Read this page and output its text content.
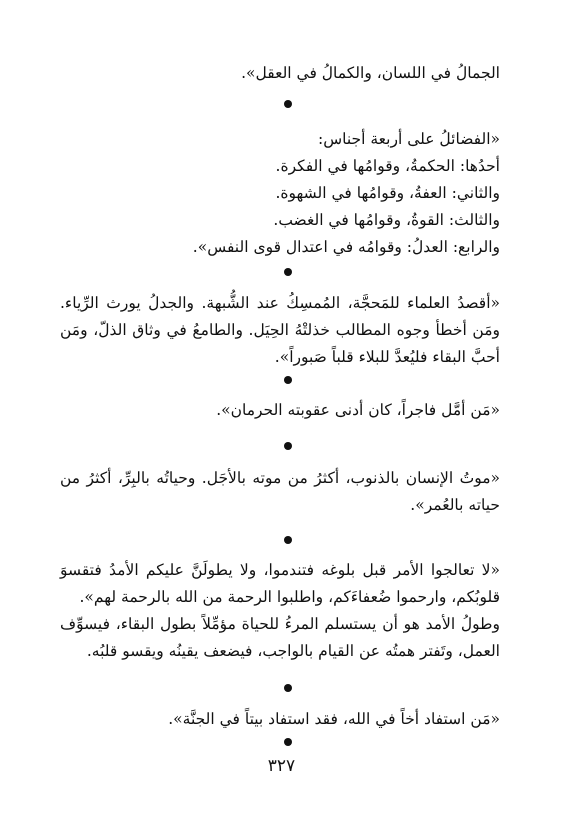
الجمالُ في اللسان، والكمالُ في العقل».

«الفضائلُ على أربعة أجناس:

أحدُها: الحكمةُ، وقوامُها في الفكرة.

والثاني: العفةُ، وقوامُها في الشهوة.

والثالث: القوةُ، وقوامُها في الغضب.

والرابع: العدلُ: وقوامُه في اعتدال قوى النفس».

«أقصدُ العلماء للمَحجَّة، المُمسِكُ عند الشُّبهة. والجدلُ يورث الرِّياء. ومَن أخطأ وجوه المطالب خذلتْهُ الحِيَل. والطامعُ في وثاق الذلّ، ومَن أحبَّ البقاء فليُعدَّ للبلاء قلباً صَبوراً».

«مَن أمَّل فاجراً، كان أدنى عقوبته الحرمان».

«موتُ الإنسان بالذنوب، أكثرُ من موته بالأجَل. وحياتُه بالبِرِّ، أكثرُ من حياته بالعُمر».

«لا تعالجوا الأمر قبل بلوغه فتندموا، ولا يطولَنَّ عليكم الأمدُ فتقسوَ قلوبُكم، وارحموا ضُعفاءَكم، واطلبوا الرحمة من الله بالرحمة لهم».

وطولُ الأمد هو أن يستسلم المرءُ للحياة مؤمِّلاً بطول البقاء، فيسوِّف العمل، وتَفتر همتُه عن القيام بالواجب، فيضعف يقينُه ويقسو قلبُه.

«مَن استفاد أخاً في الله، فقد استفاد بيتاً في الجنَّة».

٣٢٧
